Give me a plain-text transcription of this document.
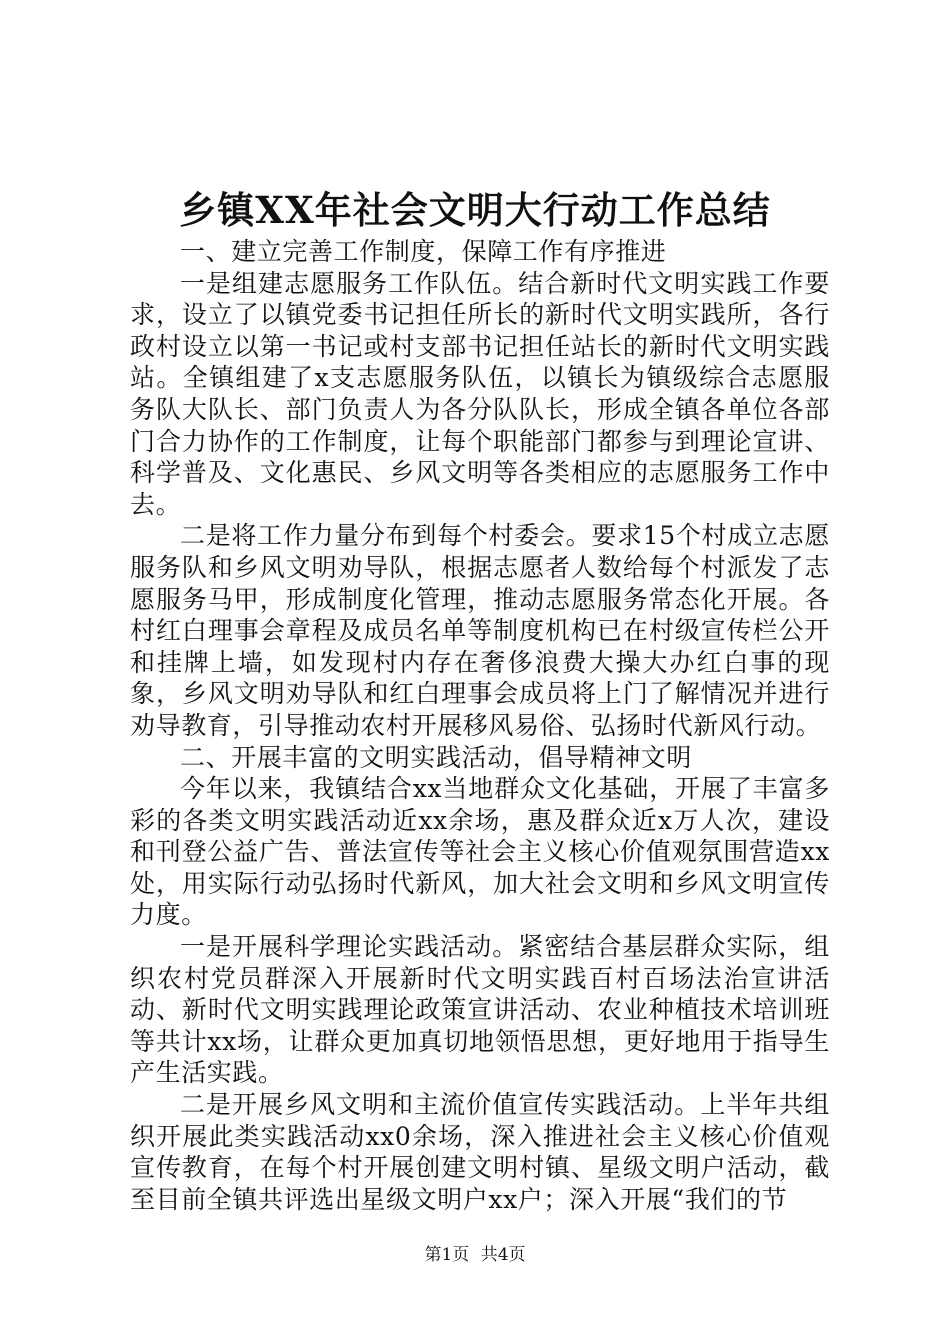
乡镇XX年社会文明大行动工作总结

一、建立完善工作制度，保障工作有序推进

一是组建志愿服务工作队伍。结合新时代文明实践工作要求，设立了以镇党委书记担任所长的新时代文明实践所，各行政村设立以第一书记或村支部书记担任站长的新时代文明实践站。全镇组建了x支志愿服务队伍，以镇长为镇级综合志愿服务队大队长、部门负责人为各分队队长，形成全镇各单位各部门合力协作的工作制度，让每个职能部门都参与到理论宣讲、科学普及、文化惠民、乡风文明等各类相应的志愿服务工作中去。

二是将工作力量分布到每个村委会。要求15个村成立志愿服务队和乡风文明劝导队，根据志愿者人数给每个村派发了志愿服务马甲，形成制度化管理，推动志愿服务常态化开展。各村红白理事会章程及成员名单等制度机构已在村级宣传栏公开和挂牌上墙，如发现村内存在奢侈浪费大操大办红白事的现象，乡风文明劝导队和红白理事会成员将上门了解情况并进行劝导教育，引导推动农村开展移风易俗、弘扬时代新风行动。

二、开展丰富的文明实践活动，倡导精神文明

今年以来，我镇结合xx当地群众文化基础，开展了丰富多彩的各类文明实践活动近xx余场，惠及群众近x万人次，建设和刊登公益广告、普法宣传等社会主义核心价值观氛围营造xx处，用实际行动弘扬时代新风，加大社会文明和乡风文明宣传力度。

一是开展科学理论实践活动。紧密结合基层群众实际，组织农村党员群深入开展新时代文明实践百村百场法治宣讲活动、新时代文明实践理论政策宣讲活动、农业种植技术培训班等共计xx场，让群众更加真切地领悟思想，更好地用于指导生产生活实践。

二是开展乡风文明和主流价值宣传实践活动。上半年共组织开展此类实践活动xx0余场，深入推进社会主义核心价值观宣传教育，在每个村开展创建文明村镇、星级文明户活动，截至目前全镇共评选出星级文明户xx户；深入开展“我们的节

第1页 共4页
